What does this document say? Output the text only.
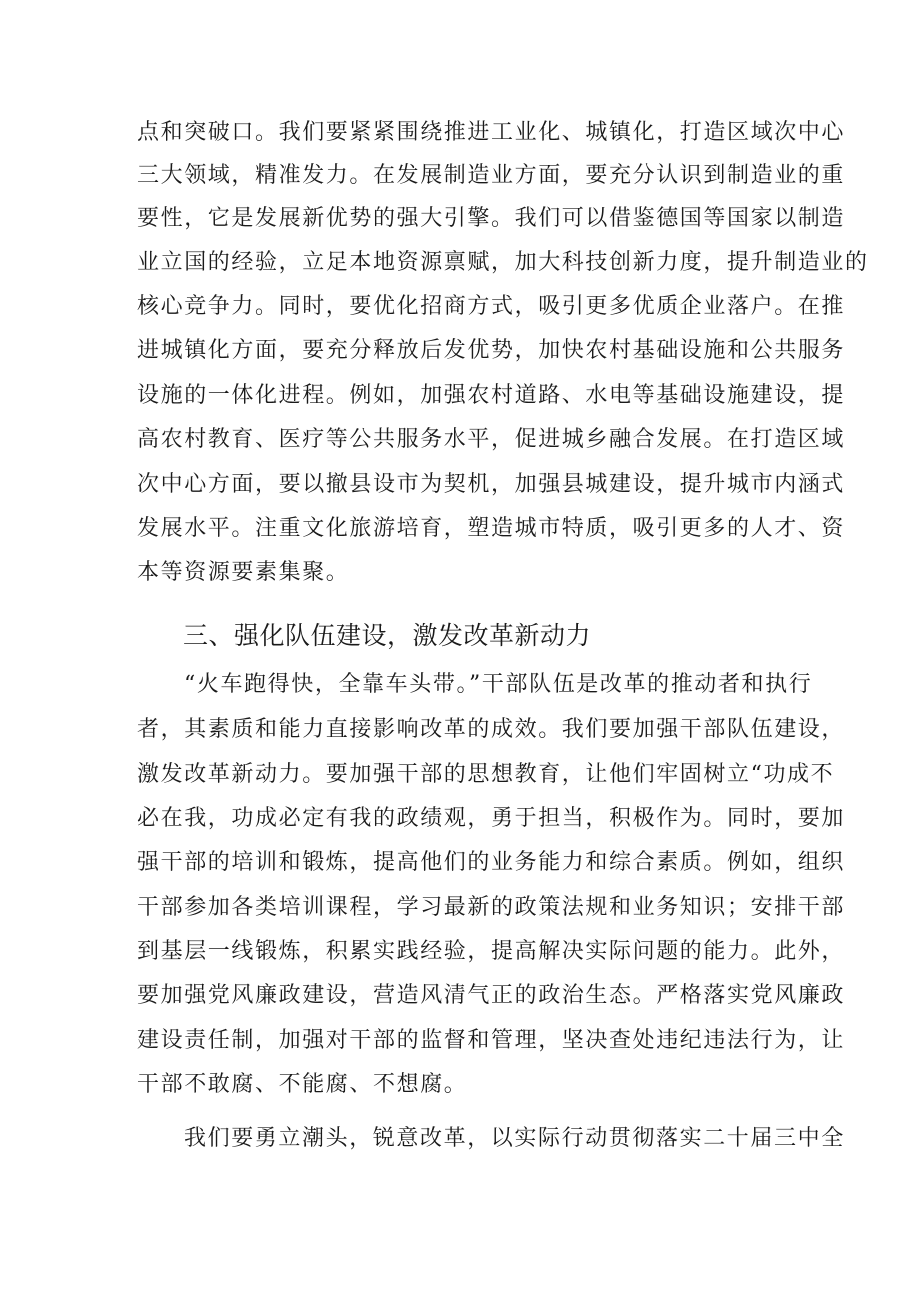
点和突破口。我们要紧紧围绕推进工业化、城镇化，打造区域次中心
三大领域，精准发力。在发展制造业方面，要充分认识到制造业的重
要性，它是发展新优势的强大引擎。我们可以借鉴德国等国家以制造
业立国的经验，立足本地资源禀赋，加大科技创新力度，提升制造业的
核心竞争力。同时，要优化招商方式，吸引更多优质企业落户。在推
进城镇化方面，要充分释放后发优势，加快农村基础设施和公共服务
设施的一体化进程。例如，加强农村道路、水电等基础设施建设，提
高农村教育、医疗等公共服务水平，促进城乡融合发展。在打造区域
次中心方面，要以撤县设市为契机，加强县城建设，提升城市内涵式
发展水平。注重文化旅游培育，塑造城市特质，吸引更多的人才、资
本等资源要素集聚。
三、强化队伍建设，激发改革新动力
“火车跑得快，全靠车头带。”干部队伍是改革的推动者和执行
者，其素质和能力直接影响改革的成效。我们要加强干部队伍建设，
激发改革新动力。要加强干部的思想教育，让他们牢固树立“功成不
必在我，功成必定有我的政绩观，勇于担当，积极作为。同时，要加
强干部的培训和锻炼，提高他们的业务能力和综合素质。例如，组织
干部参加各类培训课程，学习最新的政策法规和业务知识；安排干部
到基层一线锻炼，积累实践经验，提高解决实际问题的能力。此外，
要加强党风廉政建设，营造风清气正的政治生态。严格落实党风廉政
建设责任制，加强对干部的监督和管理，坚决查处违纪违法行为，让
干部不敢腐、不能腐、不想腐。
我们要勇立潮头，锐意改革，以实际行动贯彻落实二十届三中全
